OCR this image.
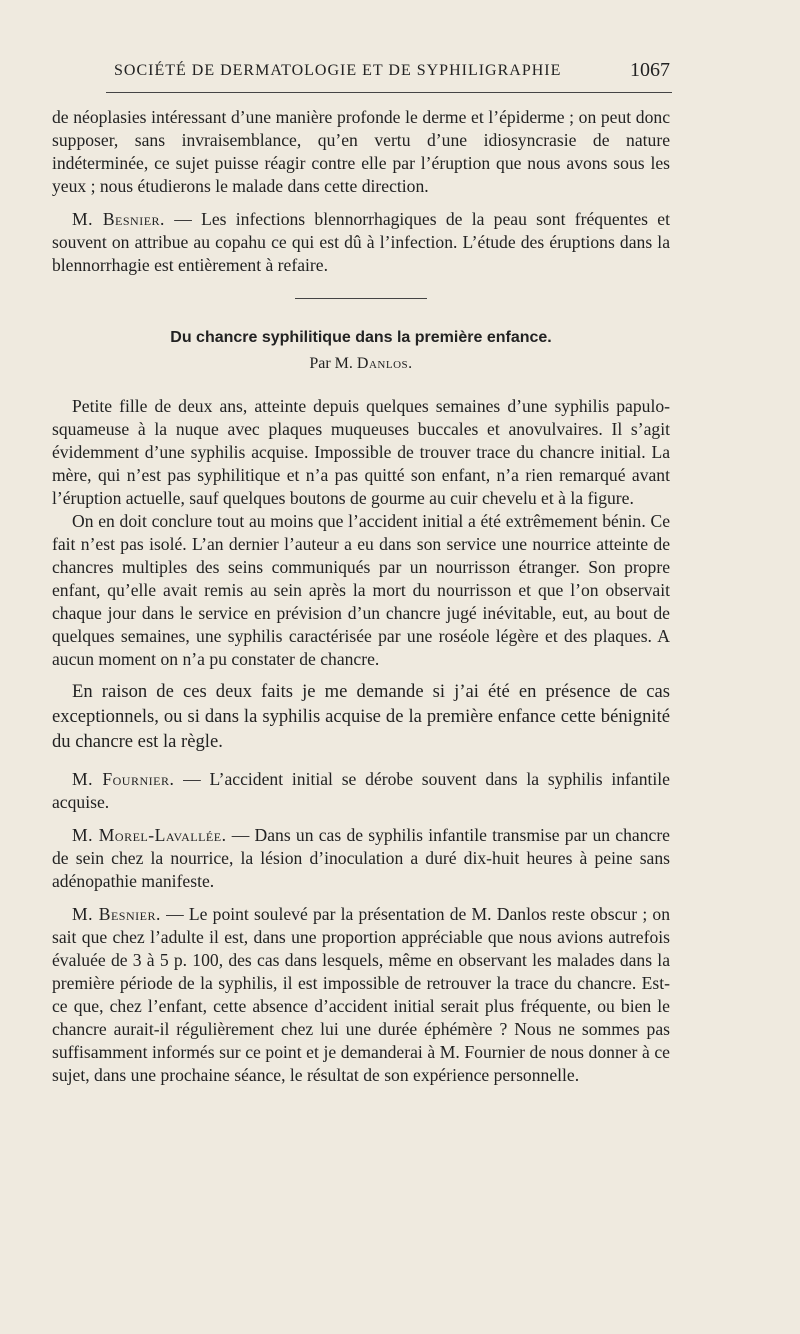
SOCIÉTÉ DE DERMATOLOGIE ET DE SYPHILIGRAPHIE	1067

de néoplasies intéressant d’une manière profonde le derme et l’épiderme ; on peut donc supposer, sans invraisemblance, qu’en vertu d’une idiosyncrasie de nature indéterminée, ce sujet puisse réagir contre elle par l’éruption que nous avons sous les yeux ; nous étudierons le malade dans cette direction.

M. Besnier. — Les infections blennorrhagiques de la peau sont fréquentes et souvent on attribue au copahu ce qui est dû à l’infection. L’étude des éruptions dans la blennorrhagie est entièrement à refaire.

Du chancre syphilitique dans la première enfance.
Par M. Danlos.

Petite fille de deux ans, atteinte depuis quelques semaines d’une syphilis papulo-squameuse à la nuque avec plaques muqueuses buccales et anovulvaires. Il s’agit évidemment d’une syphilis acquise. Impossible de trouver trace du chancre initial. La mère, qui n’est pas syphilitique et n’a pas quitté son enfant, n’a rien remarqué avant l’éruption actuelle, sauf quelques boutons de gourme au cuir chevelu et à la figure.

On en doit conclure tout au moins que l’accident initial a été extrêmement bénin. Ce fait n’est pas isolé. L’an dernier l’auteur a eu dans son service une nourrice atteinte de chancres multiples des seins communiqués par un nourrisson étranger. Son propre enfant, qu’elle avait remis au sein après la mort du nourrisson et que l’on observait chaque jour dans le service en prévision d’un chancre jugé inévitable, eut, au bout de quelques semaines, une syphilis caractérisée par une roséole légère et des plaques. A aucun moment on n’a pu constater de chancre.

En raison de ces deux faits je me demande si j’ai été en présence de cas exceptionnels, ou si dans la syphilis acquise de la première enfance cette bénignité du chancre est la règle.

M. Fournier. — L’accident initial se dérobe souvent dans la syphilis infantile acquise.

M. Morel-Lavallée. — Dans un cas de syphilis infantile transmise par un chancre de sein chez la nourrice, la lésion d’inoculation a duré dix-huit heures à peine sans adénopathie manifeste.

M. Besnier. — Le point soulevé par la présentation de M. Danlos reste obscur ; on sait que chez l’adulte il est, dans une proportion appréciable que nous avions autrefois évaluée de 3 à 5 p. 100, des cas dans lesquels, même en observant les malades dans la première période de la syphilis, il est impossible de retrouver la trace du chancre. Est-ce que, chez l’enfant, cette absence d’accident initial serait plus fréquente, ou bien le chancre aurait-il régulièrement chez lui une durée éphémère ? Nous ne sommes pas suffisamment informés sur ce point et je demanderai à M. Fournier de nous donner à ce sujet, dans une prochaine séance, le résultat de son expérience personnelle.
